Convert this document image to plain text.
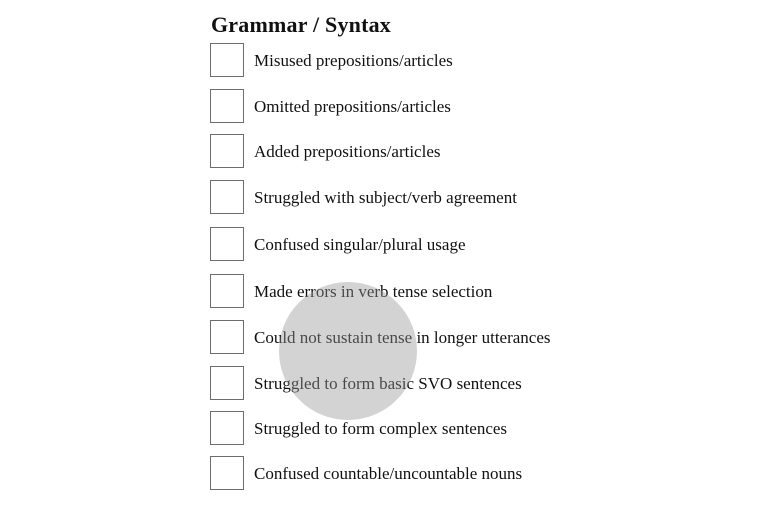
Grammar / Syntax
Misused prepositions/articles
Omitted prepositions/articles
Added prepositions/articles
Struggled with subject/verb agreement
Confused singular/plural usage
Made errors in verb tense selection
Could not sustain tense in longer utterances
Struggled to form basic SVO sentences
Struggled to form complex sentences
Confused countable/uncountable nouns
